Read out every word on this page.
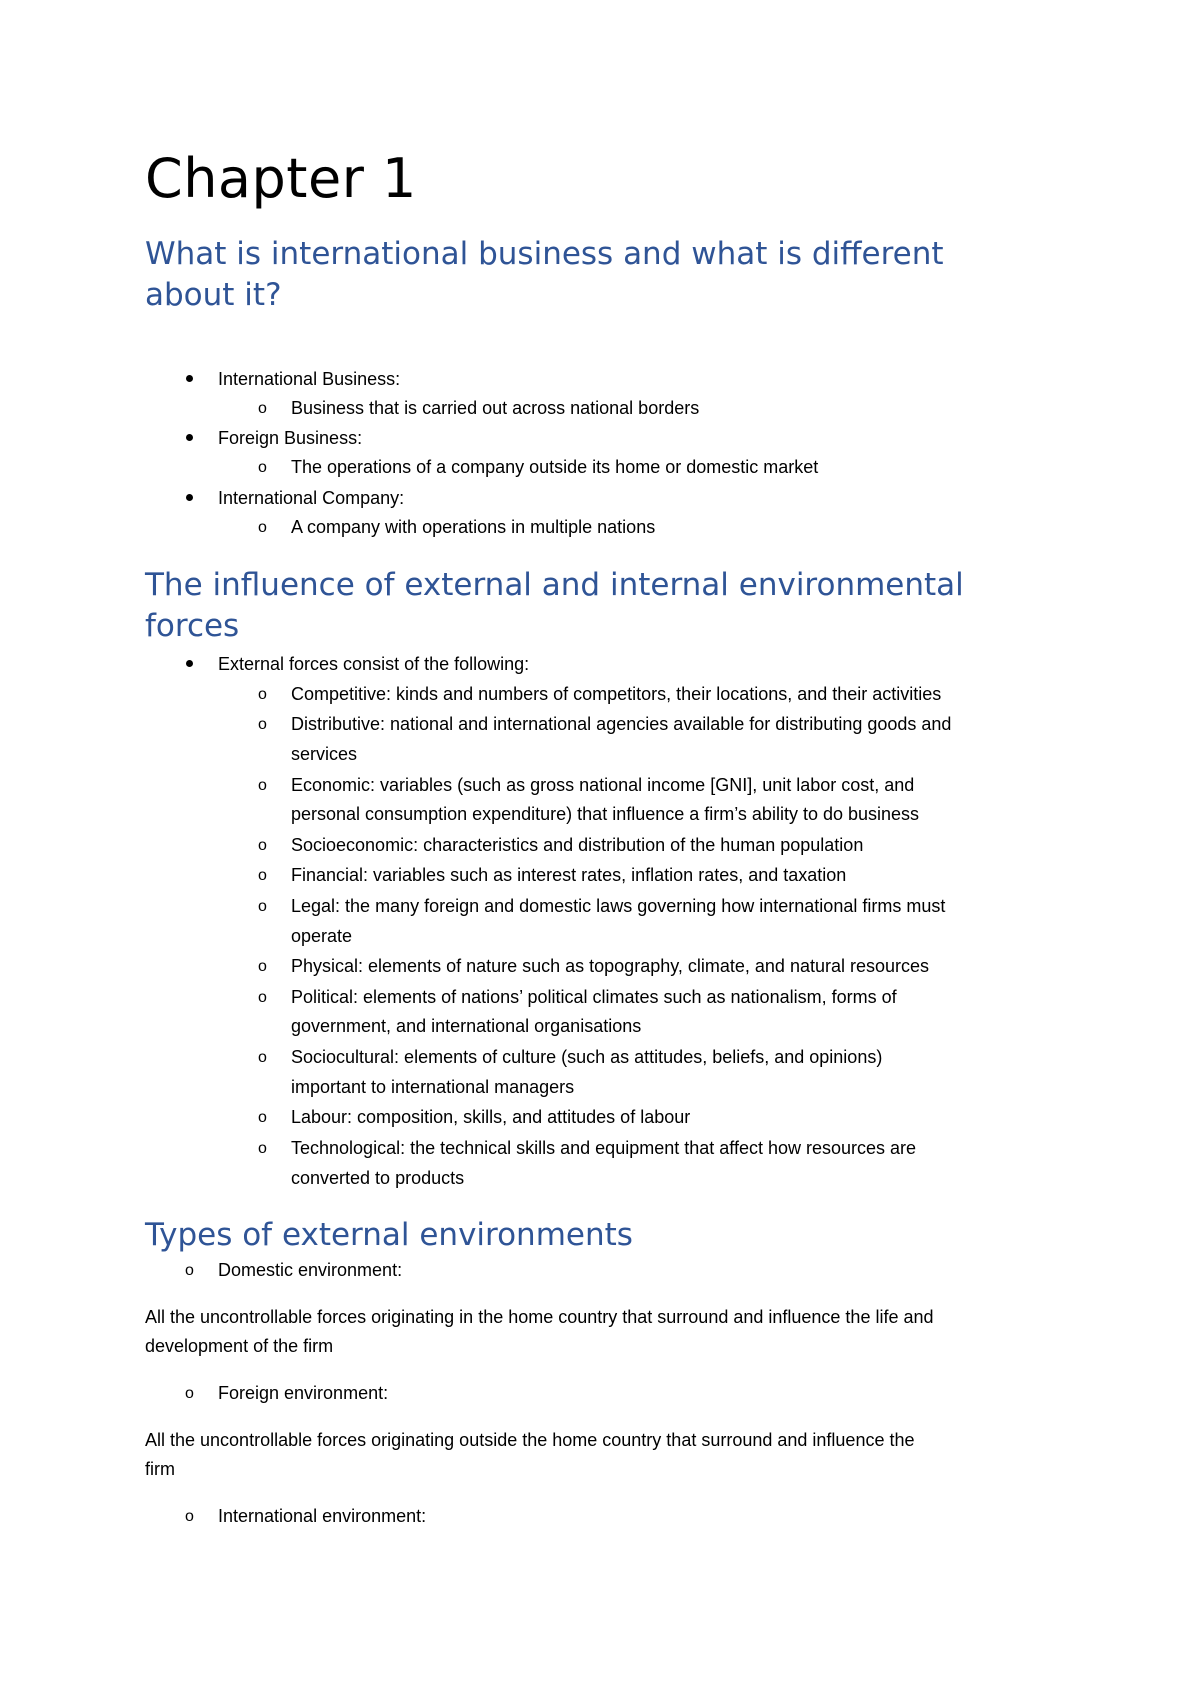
Chapter 1
What is international business and what is different
about it?
International Business:
o Business that is carried out across national borders
Foreign Business:
o The operations of a company outside its home or domestic market
International Company:
o A company with operations in multiple nations
The influence of external and internal environmental
forces
External forces consist of the following:
o Competitive: kinds and numbers of competitors, their locations, and their activities
o Distributive: national and international agencies available for distributing goods and
services
o Economic: variables (such as gross national income [GNI], unit labor cost, and
personal consumption expenditure) that influence a firm’s ability to do business
o Socioeconomic: characteristics and distribution of the human population
o Financial: variables such as interest rates, inflation rates, and taxation
o Legal: the many foreign and domestic laws governing how international firms must
operate
o Physical: elements of nature such as topography, climate, and natural resources
o Political: elements of nations’ political climates such as nationalism, forms of
government, and international organisations
o Sociocultural: elements of culture (such as attitudes, beliefs, and opinions)
important to international managers
o Labour: composition, skills, and attitudes of labour
o Technological: the technical skills and equipment that affect how resources are
converted to products
Types of external environments
o Domestic environment:
All the uncontrollable forces originating in the home country that surround and influence the life and
development of the firm
o Foreign environment:
All the uncontrollable forces originating outside the home country that surround and influence the
firm
o International environment:
